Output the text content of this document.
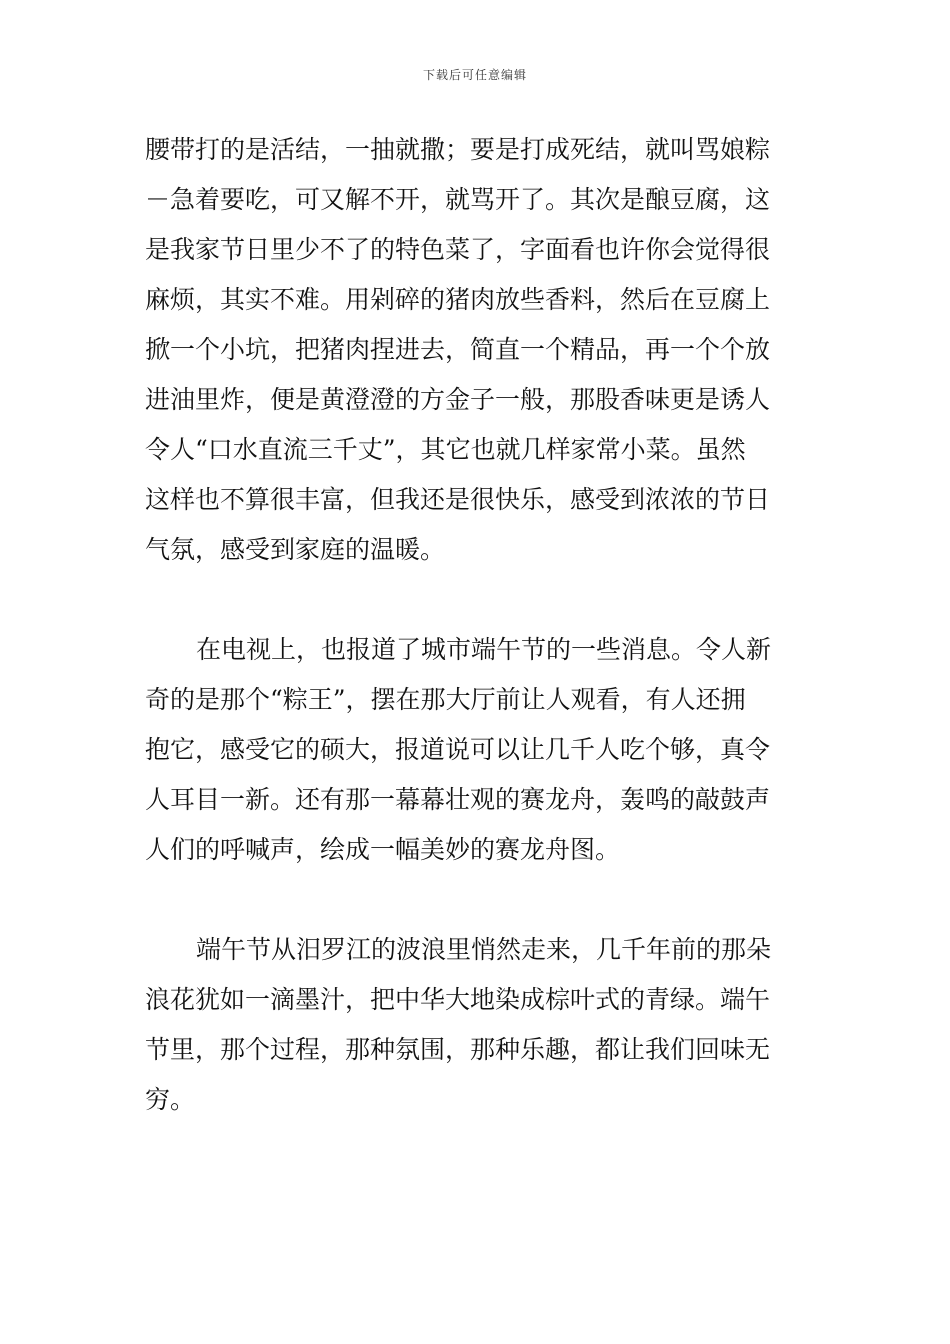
下载后可任意编辑
腰带打的是活结，一抽就撒；要是打成死结，就叫骂娘粽
－急着要吃，可又解不开，就骂开了。其次是酿豆腐，这
是我家节日里少不了的特色菜了，字面看也许你会觉得很
麻烦，其实不难。用剁碎的猪肉放些香料，然后在豆腐上
掀一个小坑，把猪肉捏进去，简直一个精品，再一个个放
进油里炸，便是黄澄澄的方金子一般，那股香味更是诱人
令人“口水直流三千丈”，其它也就几样家常小菜。虽然
这样也不算很丰富，但我还是很快乐，感受到浓浓的节日
气氛，感受到家庭的温暖。
在电视上，也报道了城市端午节的一些消息。令人新
奇的是那个“粽王”，摆在那大厅前让人观看，有人还拥
抱它，感受它的硕大，报道说可以让几千人吃个够，真令
人耳目一新。还有那一幕幕壮观的赛龙舟，轰鸣的敲鼓声
人们的呼喊声，绘成一幅美妙的赛龙舟图。
端午节从汨罗江的波浪里悄然走来，几千年前的那朵
浪花犹如一滴墨汁，把中华大地染成棕叶式的青绿。端午
节里，那个过程，那种氛围，那种乐趣，都让我们回味无
穷。
